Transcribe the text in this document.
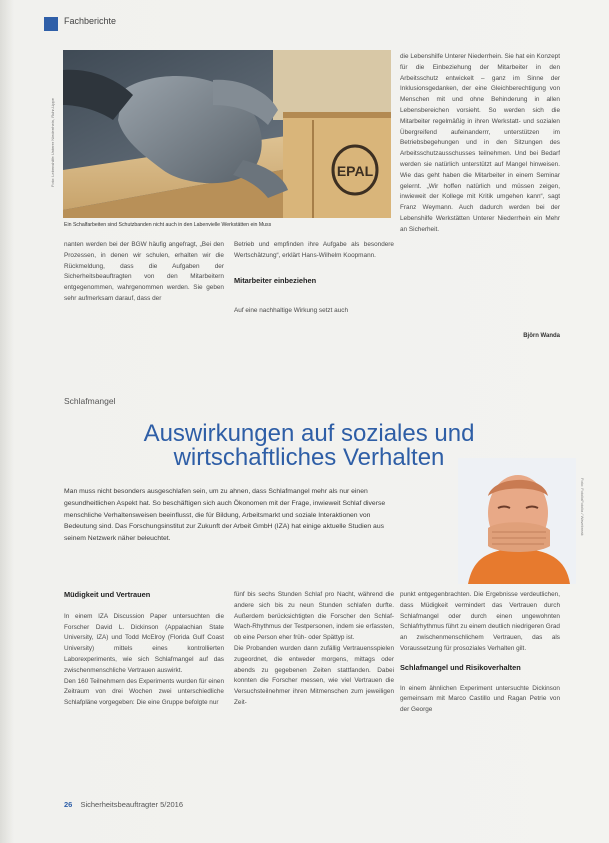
Fachberichte
EPAL
Foto: Lebenshilfe Unterer Niederrhein, Ruhr-Lippe
Ein Schalfarbeiten sind Schutzbanden nicht auch in den Labenvielle Werkstätten ein Muss

nanten werden bei der BGW häufig angefragt, „Bei den Prozessen, in denen wir schulen, erhalten wir die Rückmeldung, dass die Aufgaben der Sicherheitsbeauftragten von den Mitarbeitern entgegenommen, wahrgenommen werden. Sie geben sehr aufmerksam darauf, dass der

Betrieb und empfinden ihre Aufgabe als besondere Wertschätzung“, erklärt Hans-Wilhelm Koopmann.

Mitarbeiter einbeziehen

Auf eine nachhaltige Wirkung setzt auch

die Lebenshilfe Unterer Niederrhein. Sie hat ein Konzept für die Einbeziehung der Mitarbeiter in den Arbeitsschutz entwickelt – ganz im Sinne der Inklusionsgedanken, der eine Gleichberechtigung von Menschen mit und ohne Behinderung in allen Lebensbereichen vorsieht. So werden sich die Mitarbeiter regelmäßig in ihren Werkstatt- und sozialen Übergreifend aufeinanderrr, unterstützen im Betriebsbegehungen und in den Sitzungen des Arbeitsschutzausschusses teilnehmen. Und bei Bedarf werden sie natürlich unterstützt auf Mangel hinweisen. Wie das geht haben die Mitarbeiter in einem Seminar gelernt. „Wir hoffen natürlich und müssen zeigen, inwieweit der Kollege mit Kritik umgehen kann“, sagt Franz Weymann. Auch dadurch werden bei der Lebenshilfe Werkstätten Unterer Niederrhein ein Mehr an Sicherheit.

Björn Wanda
Schlafmangel
Auswirkungen auf soziales und wirtschaftliches Verhalten
Man muss nicht besonders ausgeschlafen sein, um zu ahnen, dass Schlafmangel mehr als nur einen gesundheitlichen Aspekt hat. So beschäftigen sich auch Ökonomen mit der Frage, inwieweit Schlaf diverse menschliche Verhaltensweisen beeinflusst, die für Bildung, Arbeitsmarkt und soziale Interaktionen von Bedeutung sind. Das Forschungsinstitut zur Zukunft der Arbeit GmbH (IZA) hat einige aktuelle Studien aus seinem Netzwerk näher beleuchtet.
Foto: FotoliaFotolia / Wavebreak
Müdigkeit und Vertrauen

In einem IZA Discussion Paper untersuchten die Forscher David L. Dickinson (Appalachian State University, IZA) und Todd McElroy (Florida Gulf Coast University) mittels eines kontrollierten Laborexperiments, wie sich Schlafmangel auf das zwischenmenschliche Vertrauen auswirkt.
Den 160 Teilnehmern des Experiments wurden für einen Zeitraum von drei Wochen zwei unterschiedliche Schlafpläne vorgegeben: Die eine Gruppe befolgte nur

fünf bis sechs Stunden Schlaf pro Nacht, während die andere sich bis zu neun Stunden schlafen durfte. Außerdem berücksichtigten die Forscher den Schlaf-Wach-Rhythmus der Testpersonen, indem sie erfassten, ob eine Person eher früh- oder Spättyp ist.
Die Probanden wurden dann zufällig Vertrauensspielen zugeordnet, die entweder morgens, mittags oder abends zu gegebenen Zeiten stattfanden. Dabei konnten die Forscher messen, wie viel Vertrauen die Versuchsteilnehmer ihren Mitmenschen zum jeweiligen Zeit-

punkt entgegenbrachten. Die Ergebnisse verdeutlichen, dass Müdigkeit vermindert das Vertrauen durch Schlafmangel oder durch einen ungewohnten Schlafrhythmus führt zu einem deutlich niedrigeren Grad an zwischenmenschlichem Vertrauen, das als Voraussetzung für prosoziales Verhalten gilt.

Schlafmangel und Risikoverhalten

In einem ähnlichen Experiment untersuchte Dickinson gemeinsam mit Marco Castillo und Ragan Petrie von der George

26 Sicherheitsbeauftragter 5/2016
